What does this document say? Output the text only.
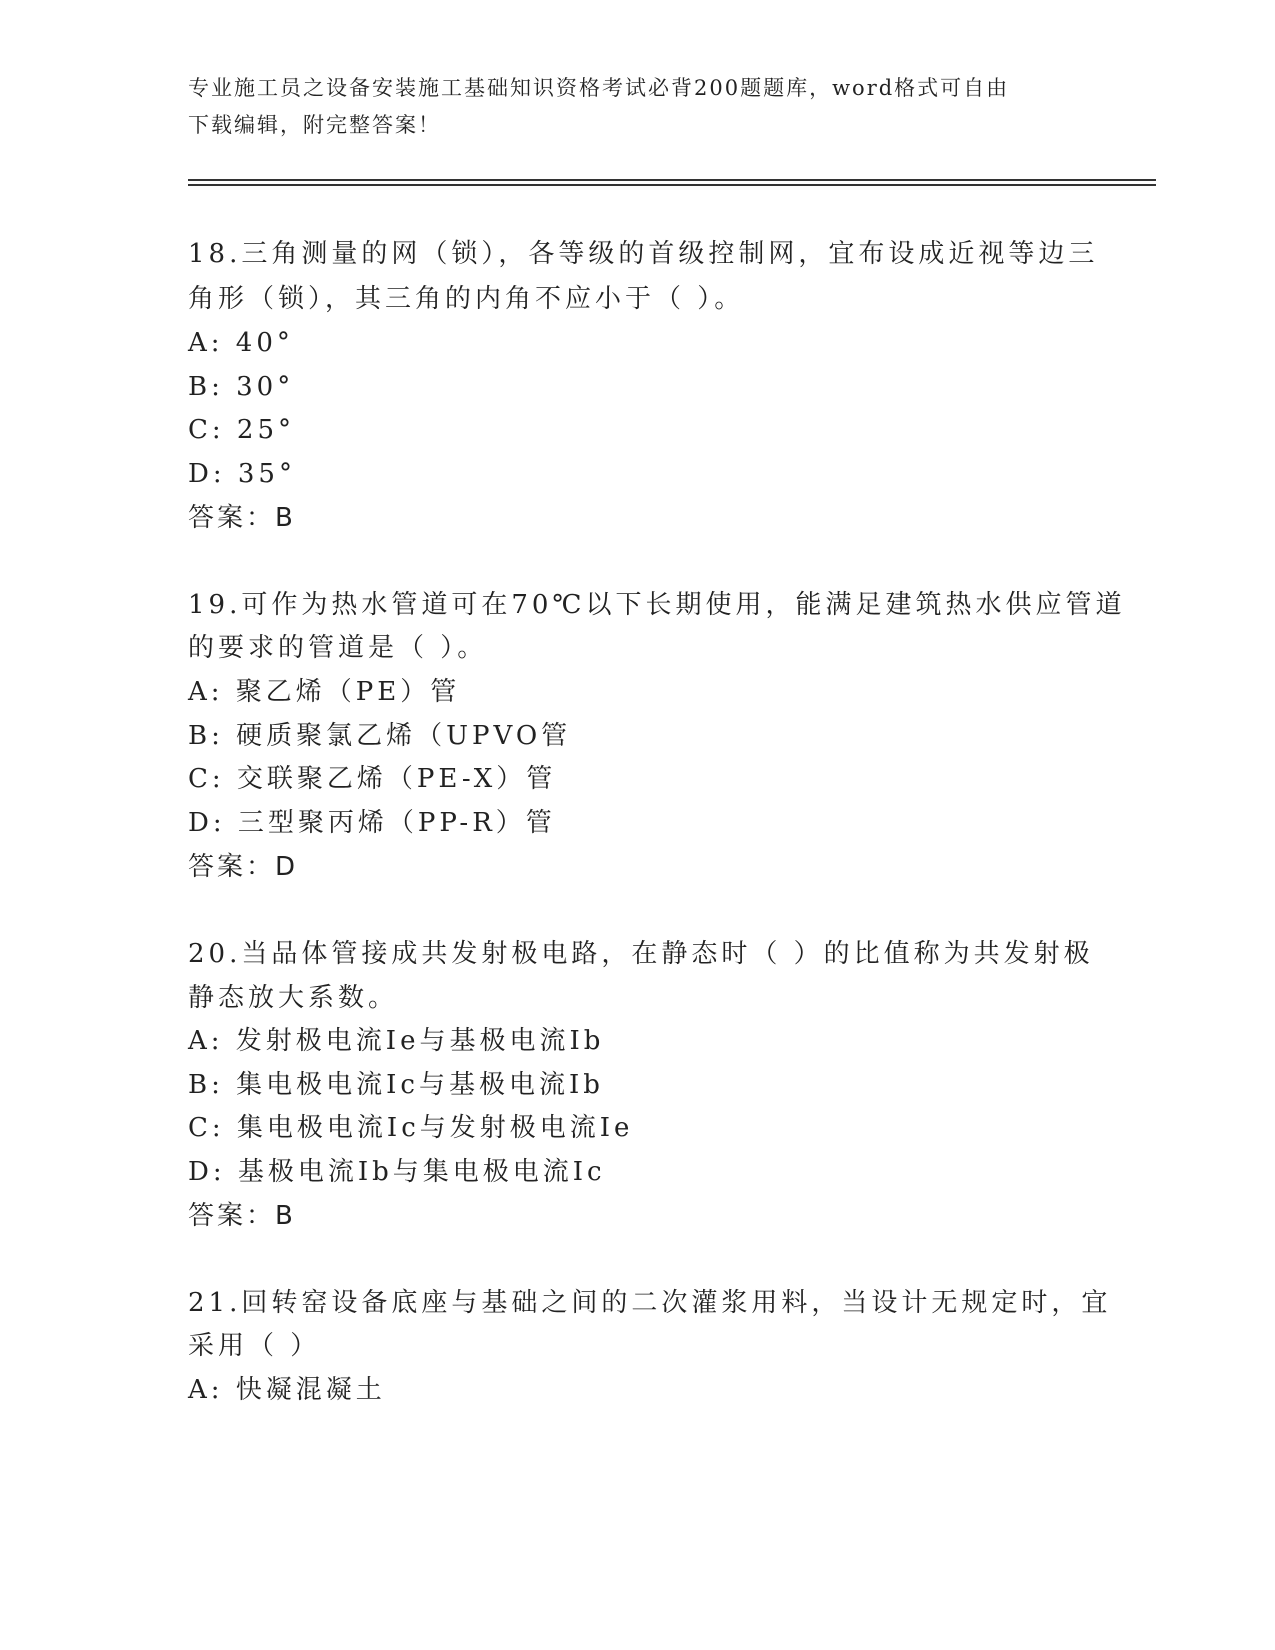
专业施工员之设备安装施工基础知识资格考试必背200题题库，word格式可自由
下载编辑，附完整答案！

18.三角测量的网（锁），各等级的首级控制网，宜布设成近视等边三

角形（锁），其三角的内角不应小于（ ）。

A: 40°

B: 30°

C: 25°

D: 35°

答案：B

19.可作为热水管道可在70℃以下长期使用，能满足建筑热水供应管道

的要求的管道是（ ）。

A: 聚乙烯（PE）管

B: 硬质聚氯乙烯（UPVO管

C: 交联聚乙烯（PE-X）管

D: 三型聚丙烯（PP-R）管

答案：D

20.当品体管接成共发射极电路，在静态时（ ）的比值称为共发射极

静态放大系数。

A: 发射极电流Ie与基极电流Ib

B: 集电极电流Ic与基极电流Ib

C: 集电极电流Ic与发射极电流Ie

D: 基极电流Ib与集电极电流Ic

答案：B

21.回转窑设备底座与基础之间的二次灌浆用料，当设计无规定时，宜

采用（ ）

A: 快凝混凝土
